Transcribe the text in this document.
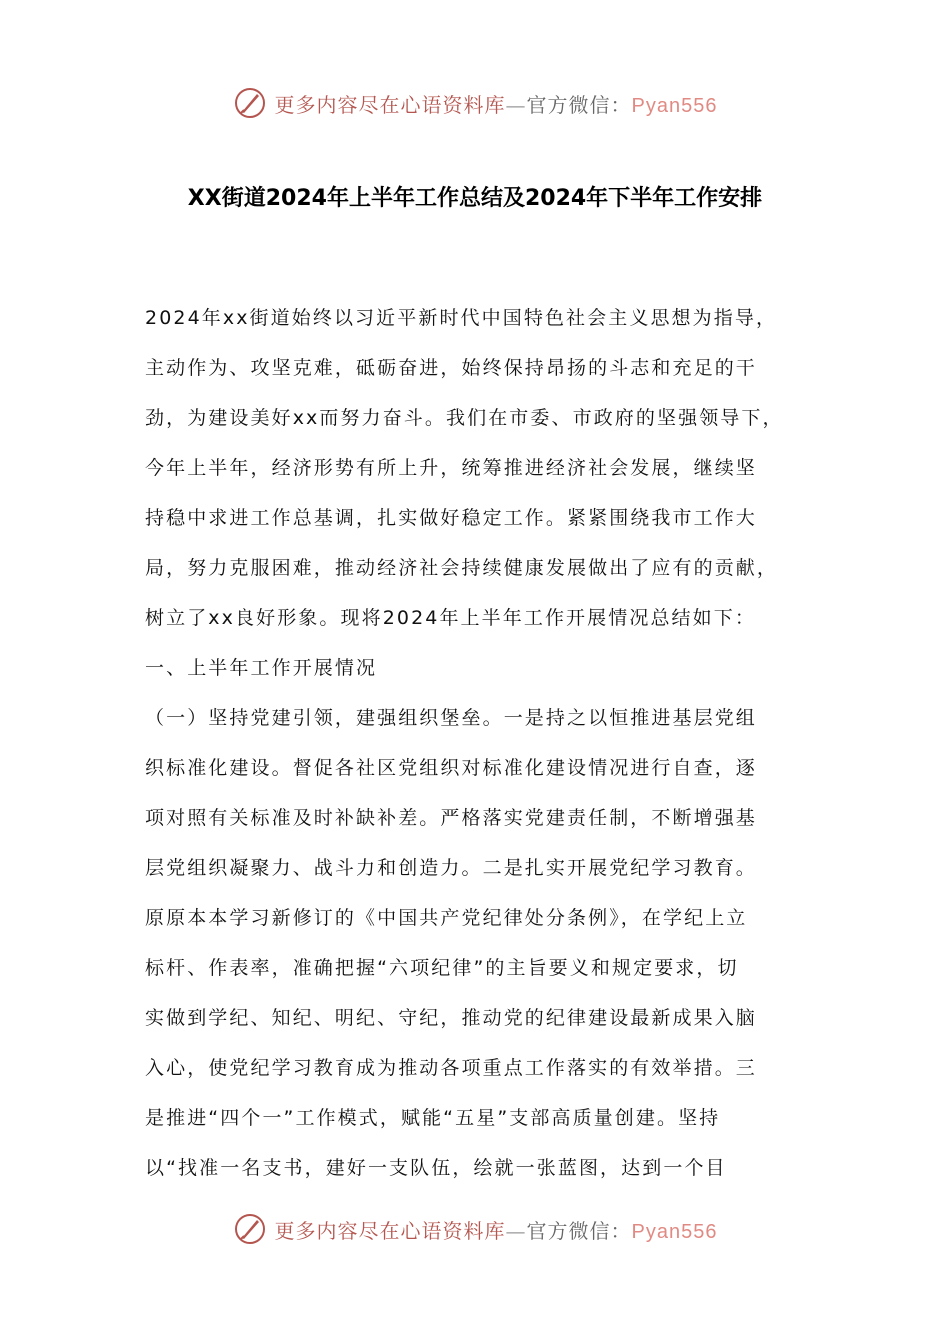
更多内容尽在心语资料库—官方微信：Pyan556
XX街道2024年上半年工作总结及2024年下半年工作安排
2024年xx街道始终以习近平新时代中国特色社会主义思想为指导，
主动作为、攻坚克难，砥砺奋进，始终保持昂扬的斗志和充足的干
劲，为建设美好xx而努力奋斗。我们在市委、市政府的坚强领导下，
今年上半年，经济形势有所上升，统筹推进经济社会发展，继续坚
持稳中求进工作总基调，扎实做好稳定工作。紧紧围绕我市工作大
局，努力克服困难，推动经济社会持续健康发展做出了应有的贡献，
树立了xx良好形象。现将2024年上半年工作开展情况总结如下：
一、上半年工作开展情况
（一）坚持党建引领，建强组织堡垒。一是持之以恒推进基层党组
织标准化建设。督促各社区党组织对标准化建设情况进行自查，逐
项对照有关标准及时补缺补差。严格落实党建责任制，不断增强基
层党组织凝聚力、战斗力和创造力。二是扎实开展党纪学习教育。
原原本本学习新修订的《中国共产党纪律处分条例》，在学纪上立
标杆、作表率，准确把握“六项纪律”的主旨要义和规定要求，切
实做到学纪、知纪、明纪、守纪，推动党的纪律建设最新成果入脑
入心，使党纪学习教育成为推动各项重点工作落实的有效举措。三
是推进“四个一”工作模式，赋能“五星”支部高质量创建。坚持
以“找准一名支书，建好一支队伍，绘就一张蓝图，达到一个目
更多内容尽在心语资料库—官方微信：Pyan556
